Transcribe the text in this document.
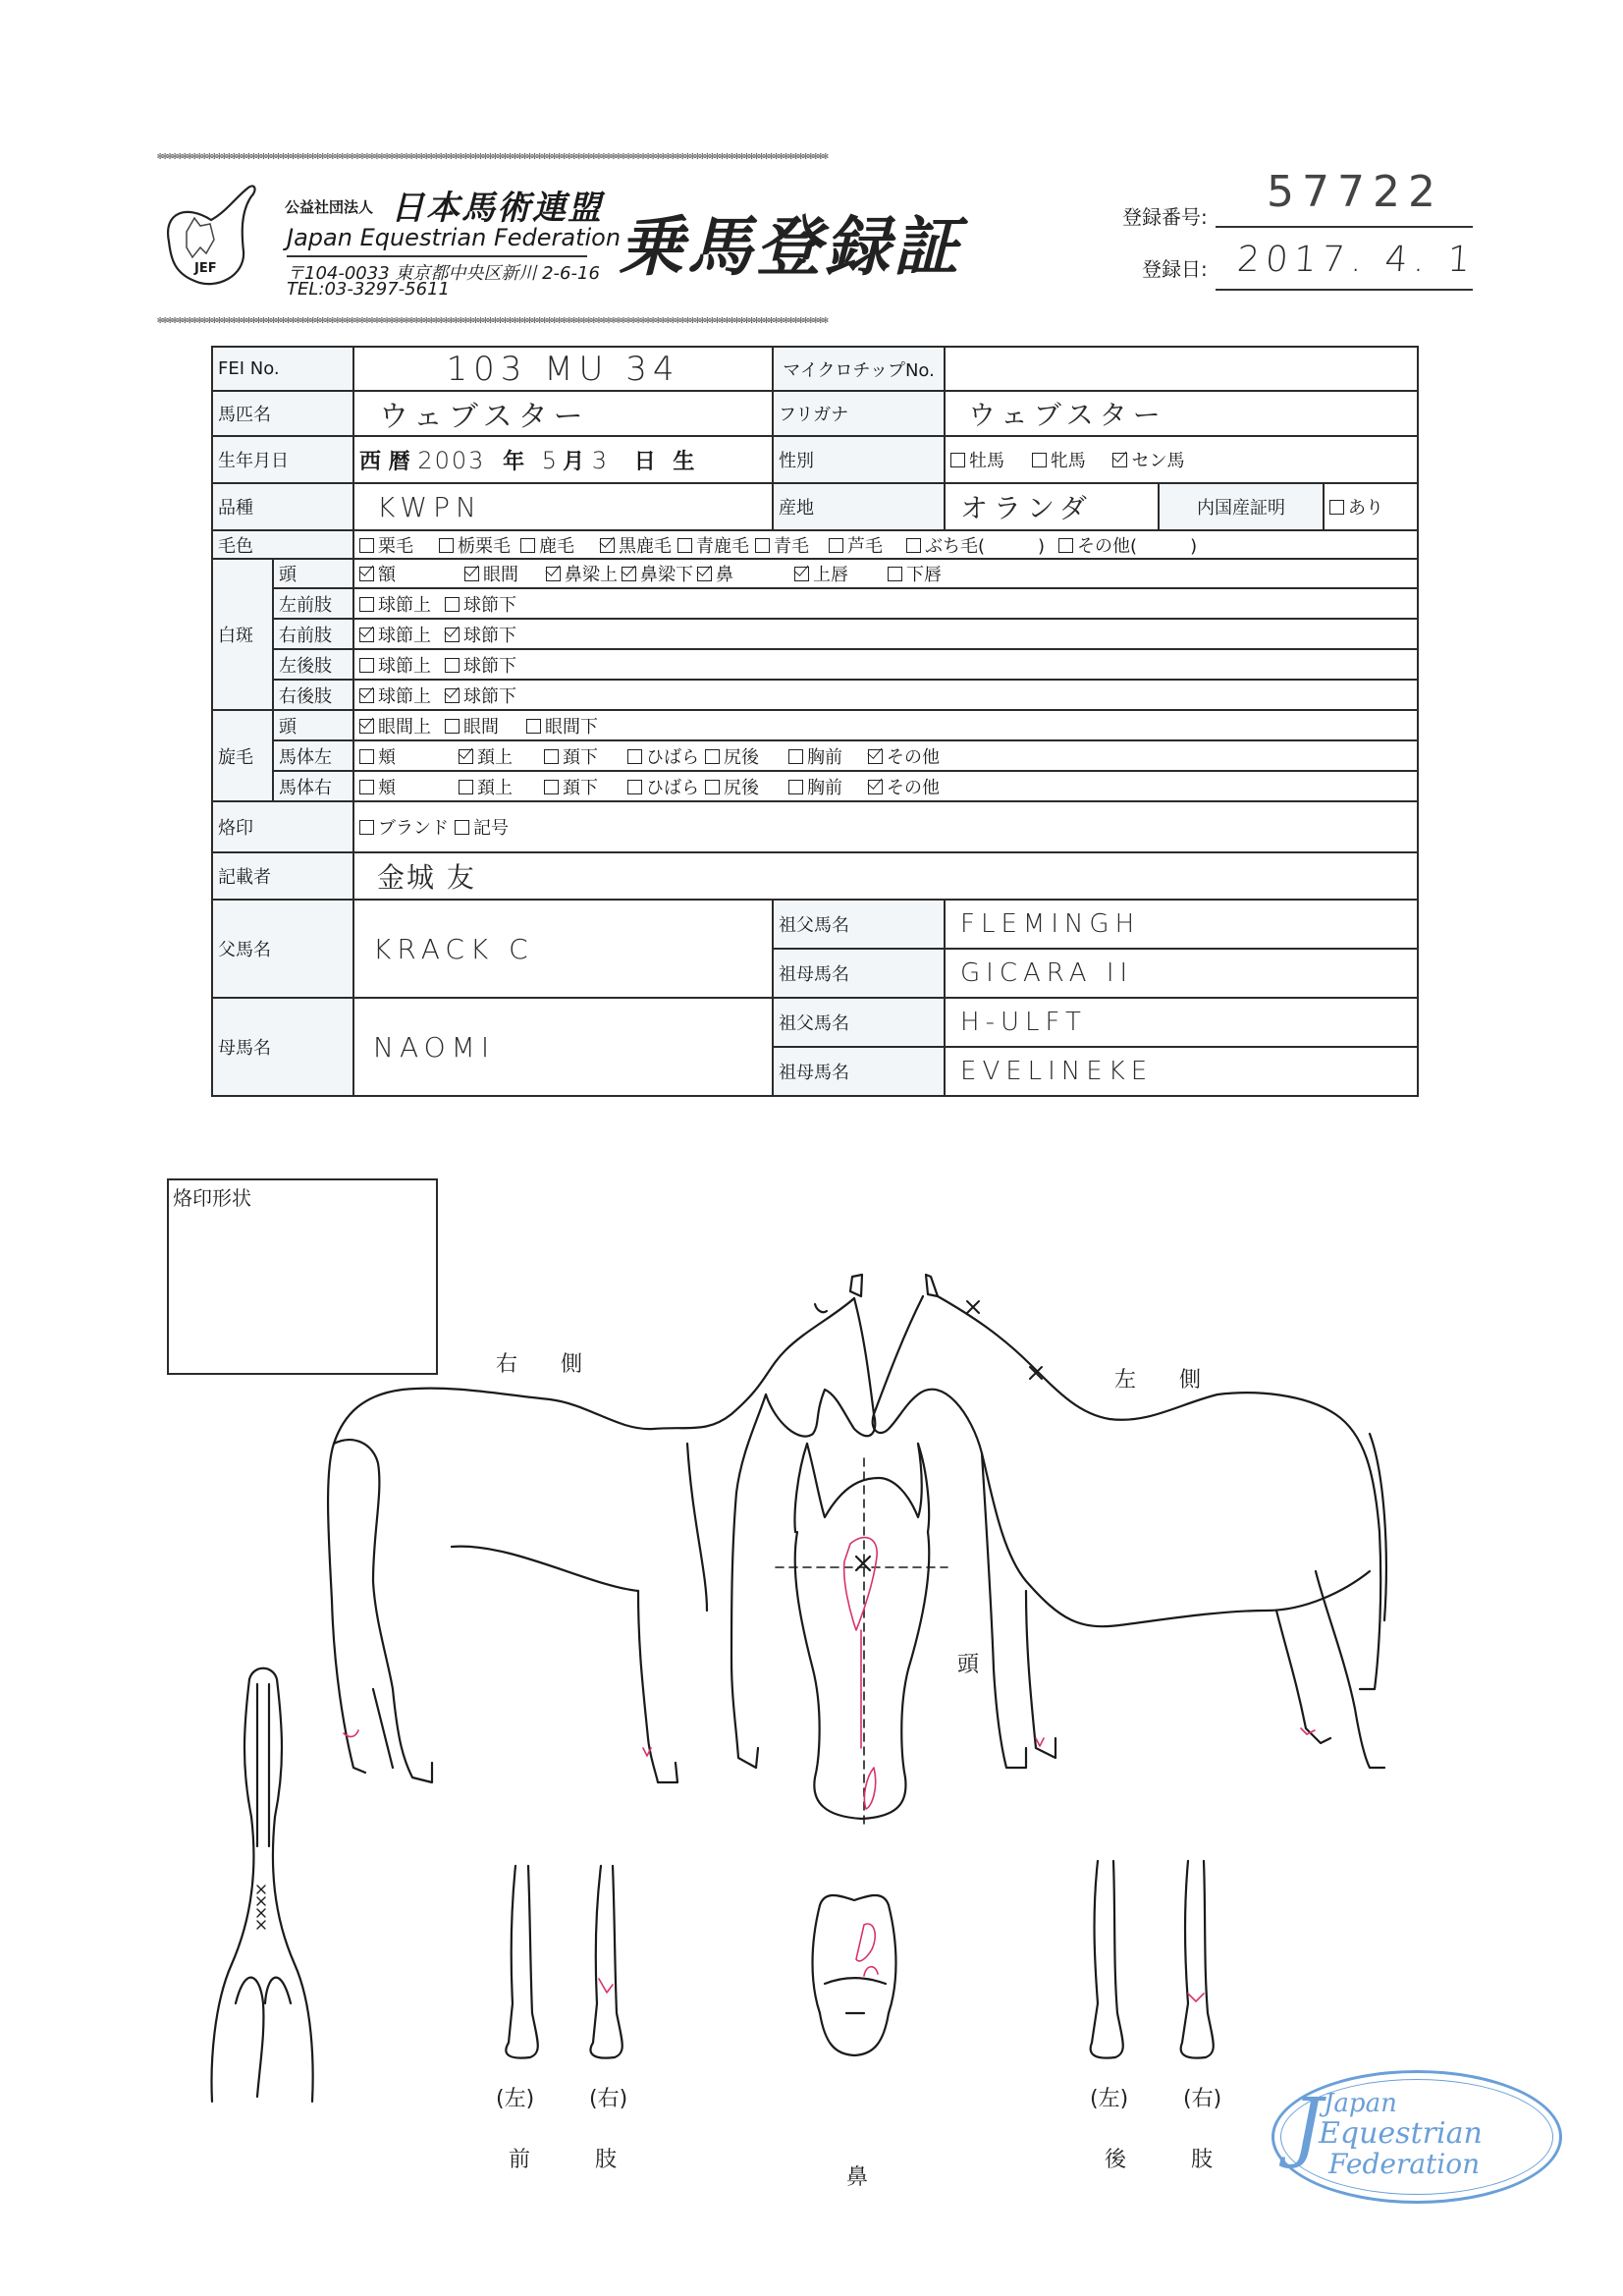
✻✻✻✻✻✻✻✻✻✻✻✻✻✻✻✻✻✻✻✻✻✻✻✻✻✻✻✻✻✻✻✻✻✻✻✻✻✻✻✻✻✻✻✻✻✻✻✻✻✻✻✻✻✻✻✻✻✻✻✻✻✻✻✻✻✻✻✻✻✻✻✻✻✻✻✻✻✻✻✻✻✻✻✻✻✻✻✻✻✻✻✻✻✻✻✻✻✻✻✻✻✻✻✻✻✻✻✻✻✻✻✻✻✻✻✻✻✻✻✻✻✻✻✻✻✻✻✻✻✻✻✻✻✻✻✻
✻✻✻✻✻✻✻✻✻✻✻✻✻✻✻✻✻✻✻✻✻✻✻✻✻✻✻✻✻✻✻✻✻✻✻✻✻✻✻✻✻✻✻✻✻✻✻✻✻✻✻✻✻✻✻✻✻✻✻✻✻✻✻✻✻✻✻✻✻✻✻✻✻✻✻✻✻✻✻✻✻✻✻✻✻✻✻✻✻✻✻✻✻✻✻✻✻✻✻✻✻✻✻✻✻✻✻✻✻✻✻✻✻✻✻✻✻✻✻✻✻✻✻✻✻✻✻✻✻✻✻✻✻✻✻✻
JEF
公益社団法人 日本馬術連盟
Japan Equestrian Federation
〒104-0033 東京都中央区新川 2-6-16
TEL:03-3297-5611
乗馬登録証	登録番号: 57722
登録日: 2017. 4. 1
FEI No.		103 MU 34	マイクロチップNo.			
馬匹名		ウェブスター	フリガナ	ウェブスター		
生年月日		西 暦 2003 年 5月 3 日 生	性別	牡馬 牝馬 セン馬		
品種		KWPN	産地	オランダ	内国産証明	あり
毛色		栗毛 栃栗毛 鹿毛 黒鹿毛 青鹿毛 青毛 芦毛 ぶち毛(　　　) その他(　　　)				
白斑	頭	額 眼間 鼻梁上 鼻梁下 鼻 上唇 下唇				
	左前肢	球節上 球節下				
	右前肢	球節上 球節下				
	左後肢	球節上 球節下				
	右後肢	球節上 球節下				
旋毛	頭	眼間上 眼間 眼間下				
	馬体左	頬 頚上 頚下 ひばら 尻後 胸前 その他				
	馬体右	頬 頚上 頚下 ひばら 尻後 胸前 その他				
烙印		ブランド 記号				
記載者		金城 友				
父馬名		KRACK C	祖父馬名	FLEMINGH		
			祖母馬名	GICARA II		
母馬名		NAOMI	祖父馬名	H-ULFT		
			祖母馬名	EVELINEKE		
烙印形状
右　　側
左　　側
頭
鼻
(左)	(右)
前　　　肢
(左)	(右)
後　　　肢 J Japan
Equestrian
Federation
